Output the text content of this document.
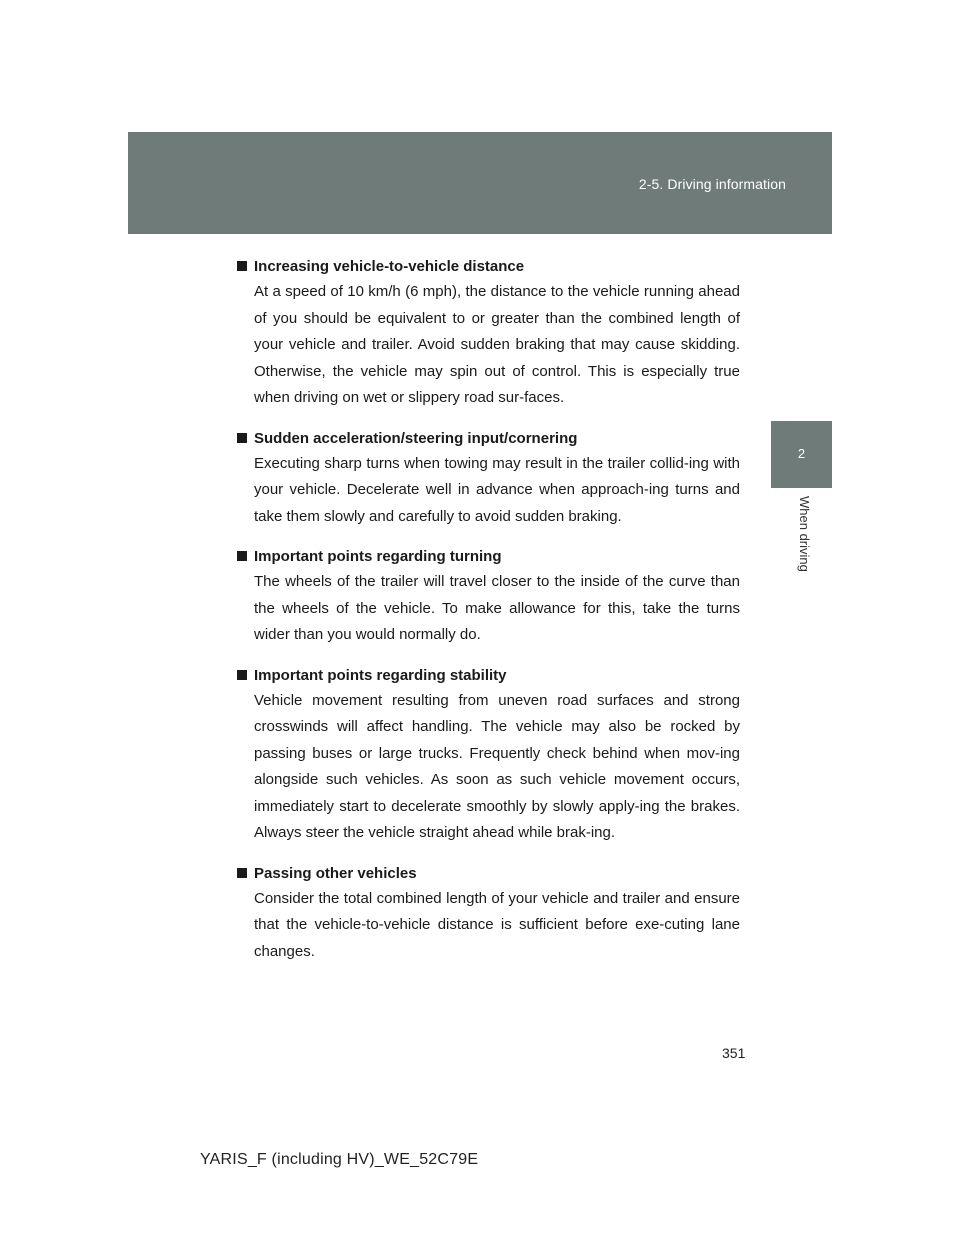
2-5. Driving information
2
When driving
Increasing vehicle-to-vehicle distance
At a speed of 10 km/h (6 mph), the distance to the vehicle running ahead of you should be equivalent to or greater than the combined length of your vehicle and trailer. Avoid sudden braking that may cause skidding. Otherwise, the vehicle may spin out of control. This is especially true when driving on wet or slippery road sur-faces.
Sudden acceleration/steering input/cornering
Executing sharp turns when towing may result in the trailer collid-ing with your vehicle. Decelerate well in advance when approach-ing turns and take them slowly and carefully to avoid sudden braking.
Important points regarding turning
The wheels of the trailer will travel closer to the inside of the curve than the wheels of the vehicle. To make allowance for this, take the turns wider than you would normally do.
Important points regarding stability
Vehicle movement resulting from uneven road surfaces and strong crosswinds will affect handling. The vehicle may also be rocked by passing buses or large trucks. Frequently check behind when mov-ing alongside such vehicles. As soon as such vehicle movement occurs, immediately start to decelerate smoothly by slowly apply-ing the brakes. Always steer the vehicle straight ahead while brak-ing.
Passing other vehicles
Consider the total combined length of your vehicle and trailer and ensure that the vehicle-to-vehicle distance is sufficient before exe-cuting lane changes.
351
YARIS_F (including HV)_WE_52C79E
